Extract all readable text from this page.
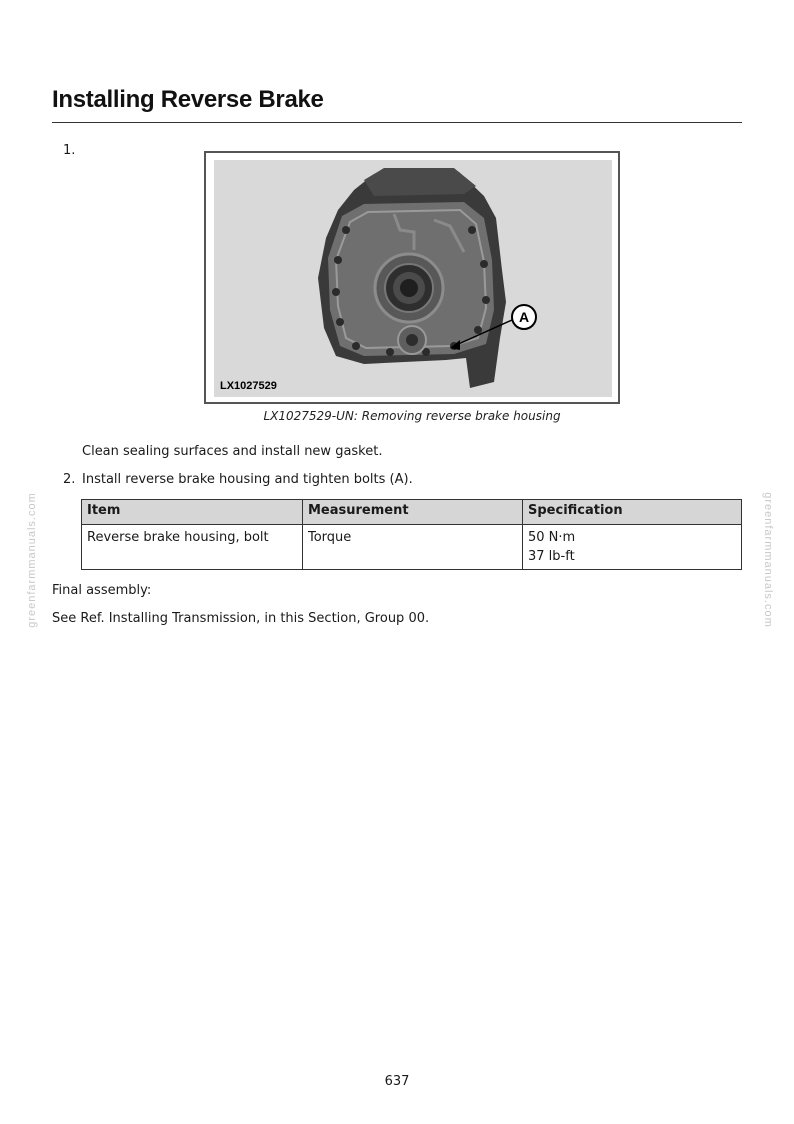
Installing Reverse Brake
1.
A
LX1027529
LX1027529-UN: Removing reverse brake housing

Clean sealing surfaces and install new gasket.

2. Install reverse brake housing and tighten bolts (A).

Item	Measurement	Specification
Reverse brake housing, bolt	Torque	50 N·m
37 lb-ft

Final assembly:

See Ref. Installing Transmission, in this Section, Group 00.

greenfarmmanuals.com	greenfarmmanuals.com
637
